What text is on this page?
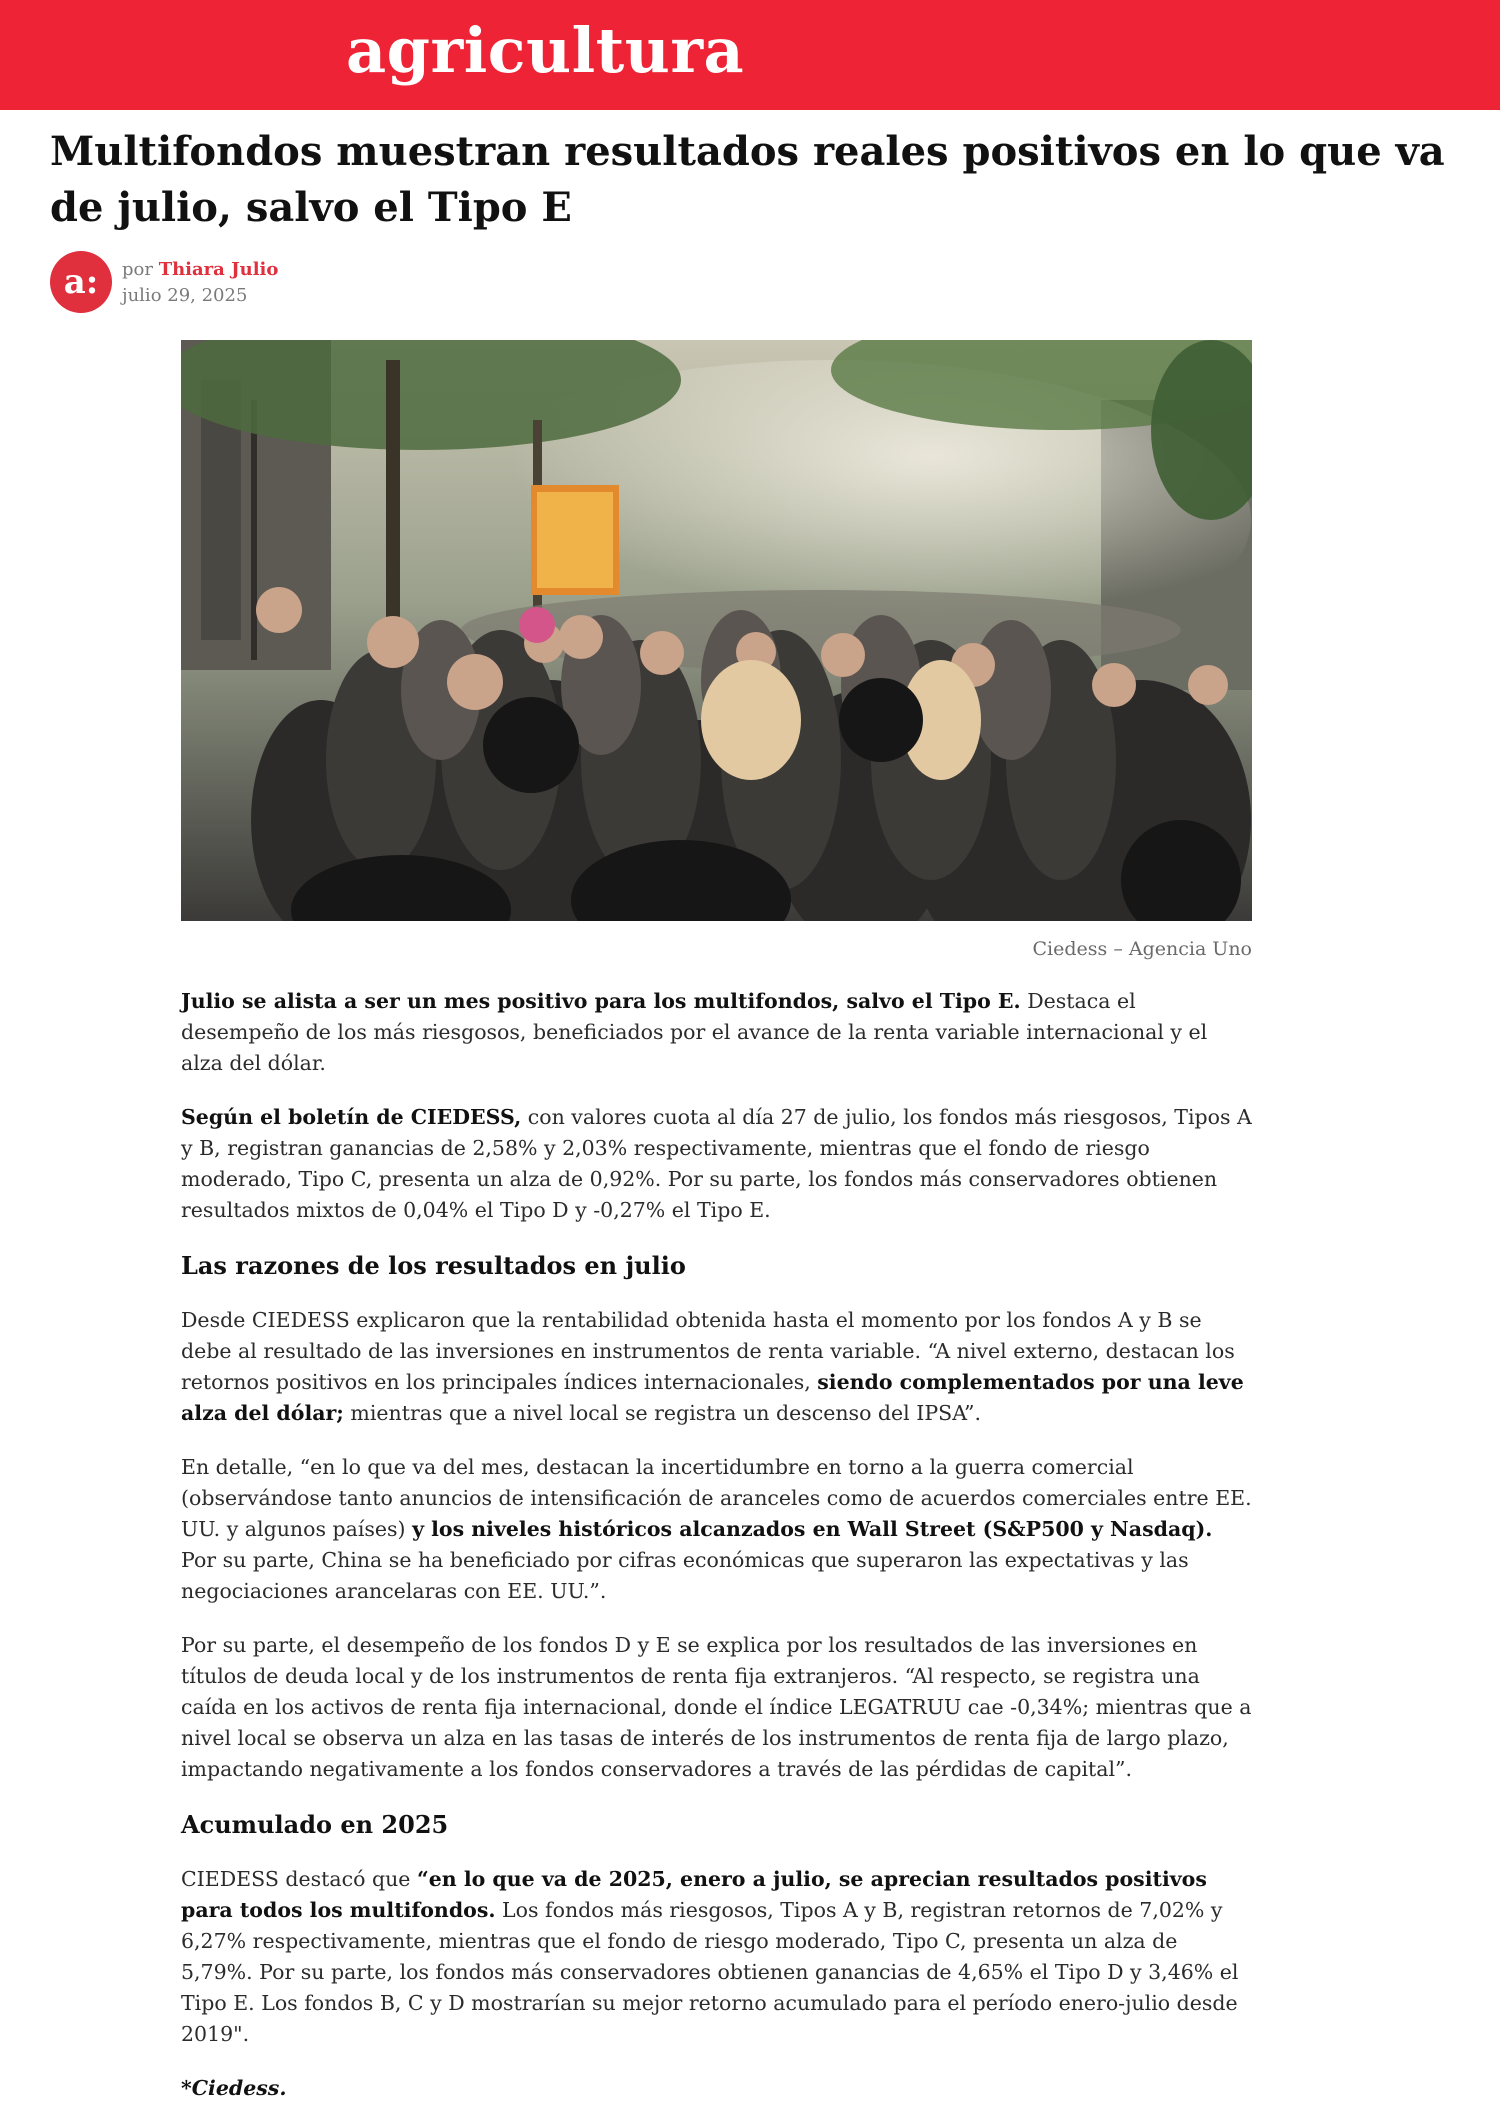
agricultura
Multifondos muestran resultados reales positivos en lo que va de julio, salvo el Tipo E
a:	por Thiara Julio
julio 29, 2025
Ciedess – Agencia Uno

Julio se alista a ser un mes positivo para los multifondos, salvo el Tipo E. Destaca el desempeño de los más riesgosos, beneficiados por el avance de la renta variable internacional y el alza del dólar.

Según el boletín de CIEDESS, con valores cuota al día 27 de julio, los fondos más riesgosos, Tipos A y B, registran ganancias de 2,58% y 2,03% respectivamente, mientras que el fondo de riesgo moderado, Tipo C, presenta un alza de 0,92%. Por su parte, los fondos más conservadores obtienen resultados mixtos de 0,04% el Tipo D y -0,27% el Tipo E.

Las razones de los resultados en julio

Desde CIEDESS explicaron que la rentabilidad obtenida hasta el momento por los fondos A y B se debe al resultado de las inversiones en instrumentos de renta variable. “A nivel externo, destacan los retornos positivos en los principales índices internacionales, siendo complementados por una leve alza del dólar; mientras que a nivel local se registra un descenso del IPSA”.

En detalle, “en lo que va del mes, destacan la incertidumbre en torno a la guerra comercial (observándose tanto anuncios de intensificación de aranceles como de acuerdos comerciales entre EE. UU. y algunos países) y los niveles históricos alcanzados en Wall Street (S&P500 y Nasdaq). Por su parte, China se ha beneficiado por cifras económicas que superaron las expectativas y las negociaciones arancelaras con EE. UU.”.

Por su parte, el desempeño de los fondos D y E se explica por los resultados de las inversiones en títulos de deuda local y de los instrumentos de renta fija extranjeros. “Al respecto, se registra una caída en los activos de renta fija internacional, donde el índice LEGATRUU cae -0,34%; mientras que a nivel local se observa un alza en las tasas de interés de los instrumentos de renta fija de largo plazo, impactando negativamente a los fondos conservadores a través de las pérdidas de capital”.

Acumulado en 2025

CIEDESS destacó que “en lo que va de 2025, enero a julio, se aprecian resultados positivos para todos los multifondos. Los fondos más riesgosos, Tipos A y B, registran retornos de 7,02% y 6,27% respectivamente, mientras que el fondo de riesgo moderado, Tipo C, presenta un alza de 5,79%. Por su parte, los fondos más conservadores obtienen ganancias de 4,65% el Tipo D y 3,46% el Tipo E. Los fondos B, C y D mostrarían su mejor retorno acumulado para el período enero-julio desde 2019".

*Ciedess.
